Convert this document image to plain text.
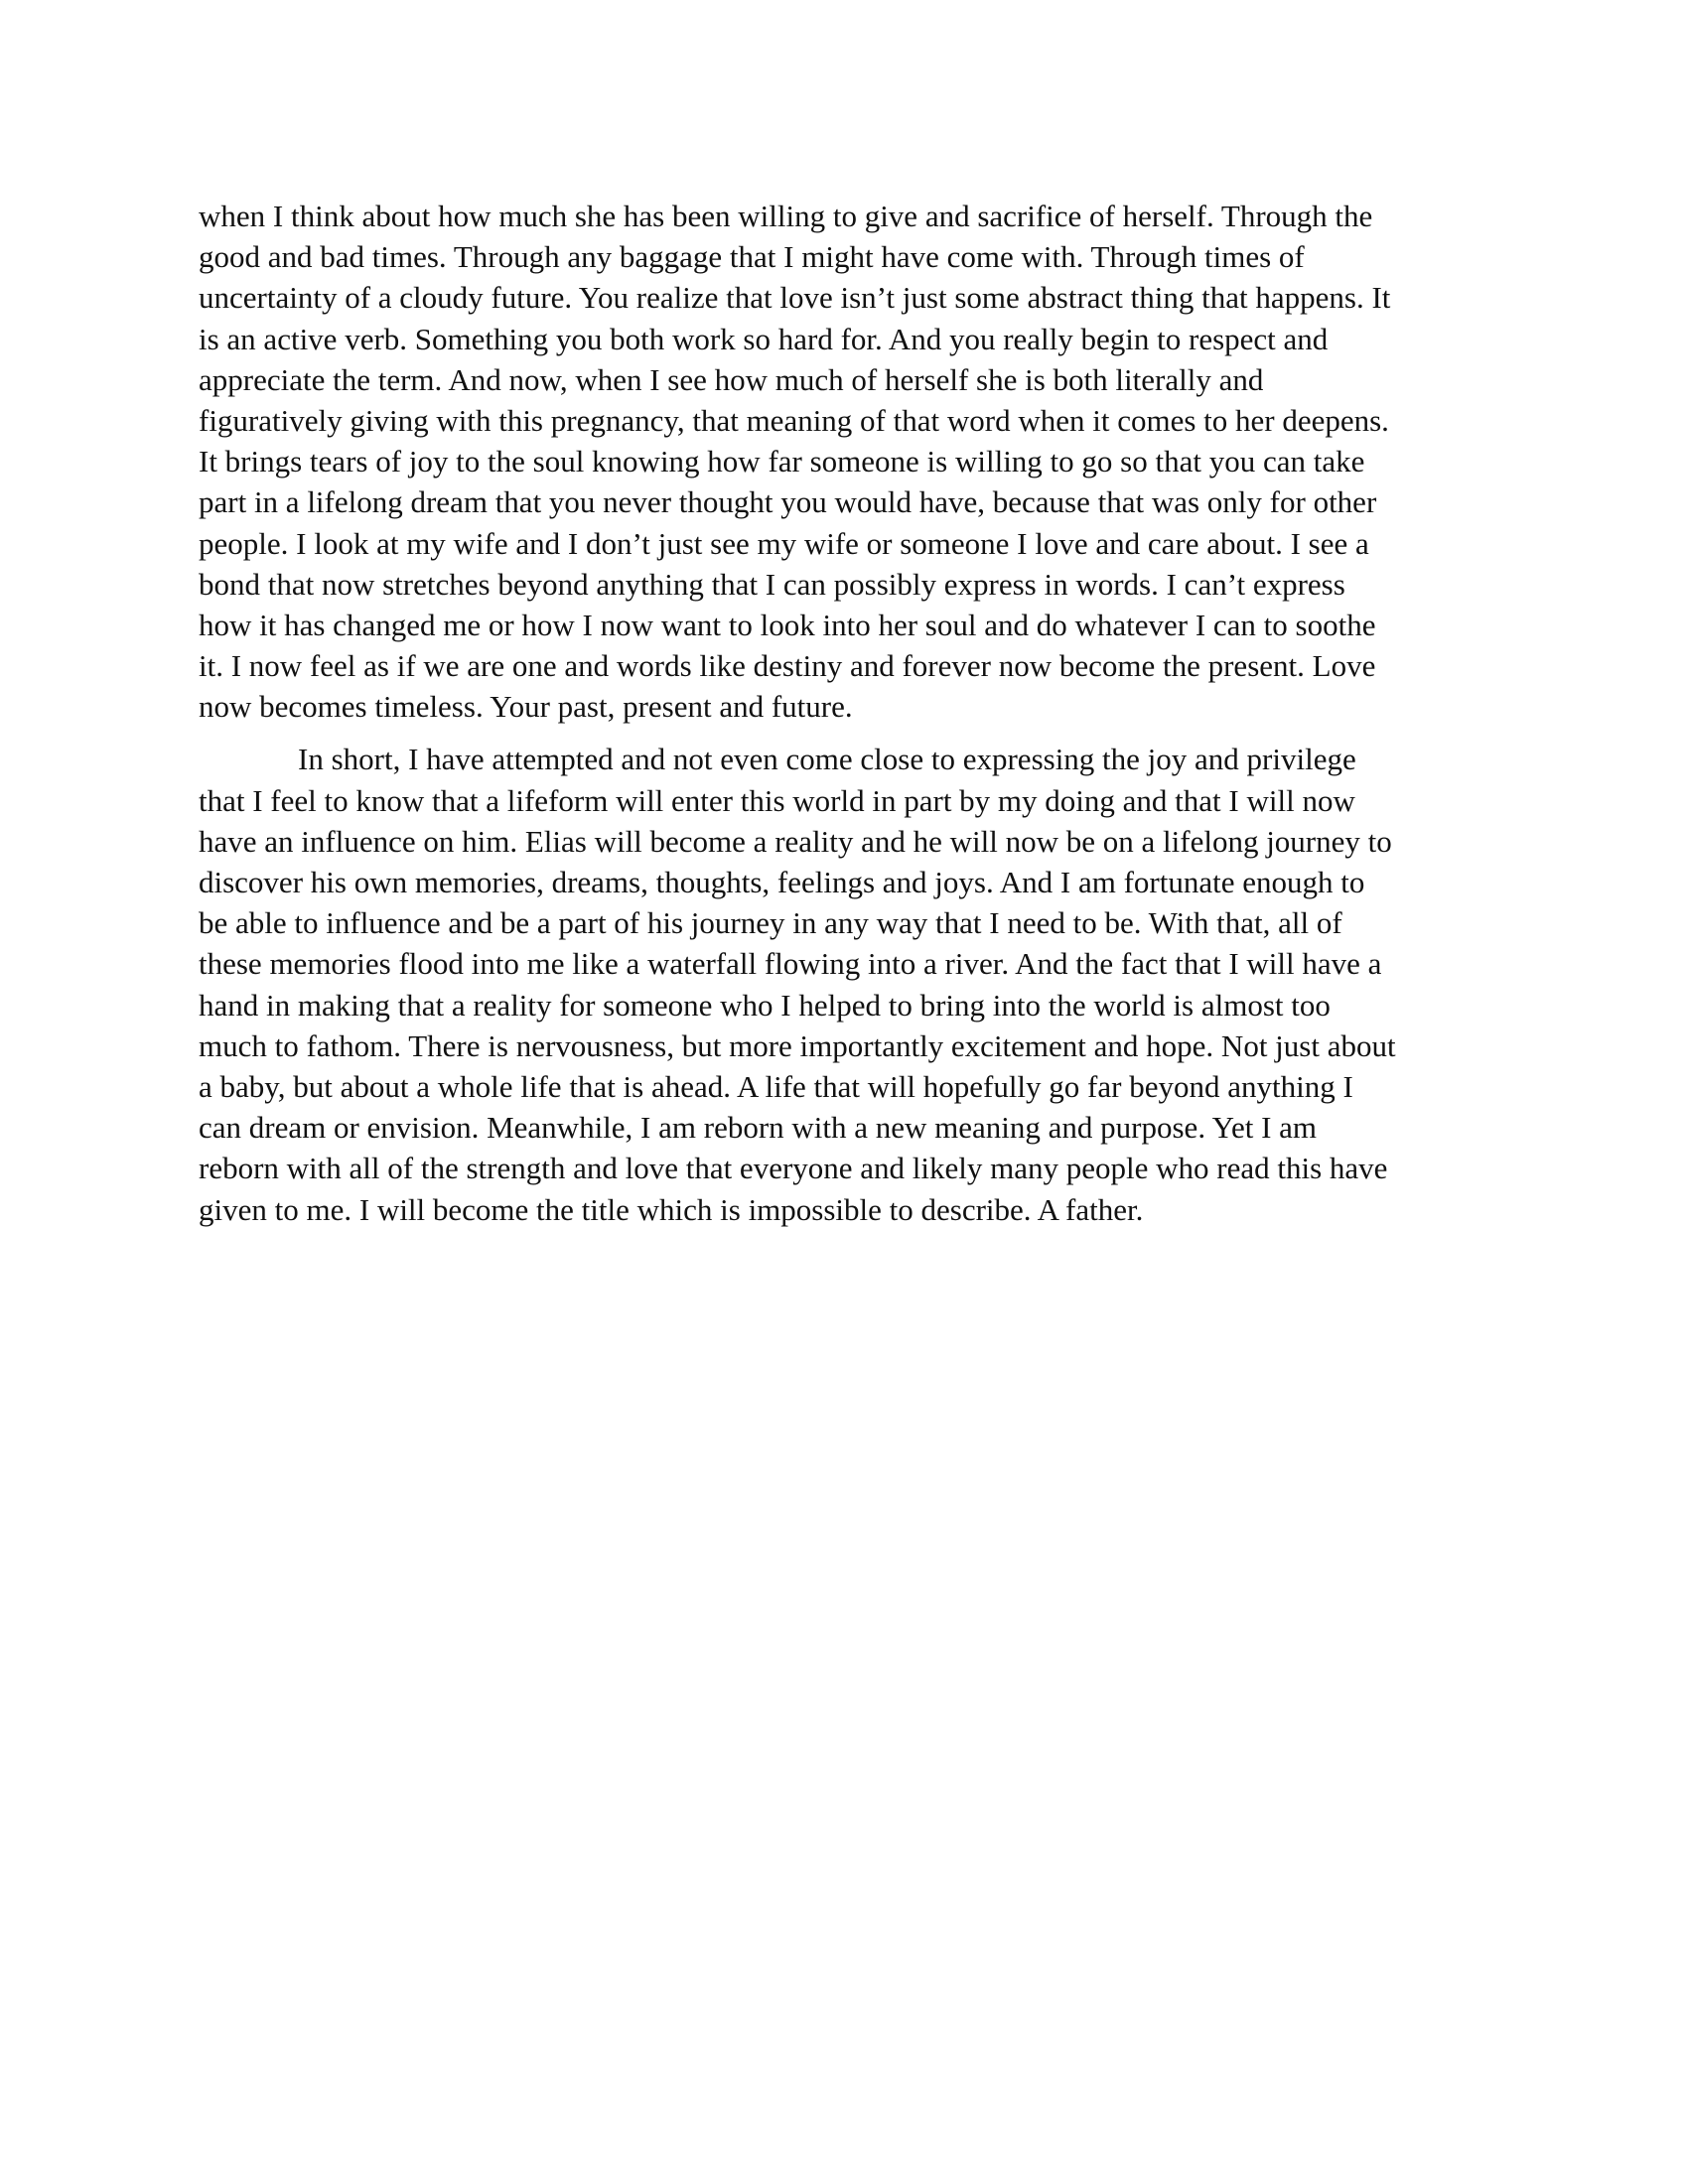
when I think about how much she has been willing to give and sacrifice of herself. Through the
good and bad times. Through any baggage that I might have come with. Through times of
uncertainty of a cloudy future. You realize that love isn’t just some abstract thing that happens. It
is an active verb. Something you both work so hard for. And you really begin to respect and
appreciate the term. And now, when I see how much of herself she is both literally and
figuratively giving with this pregnancy, that meaning of that word when it comes to her deepens.
It brings tears of joy to the soul knowing how far someone is willing to go so that you can take
part in a lifelong dream that you never thought you would have, because that was only for other
people. I look at my wife and I don’t just see my wife or someone I love and care about. I see a
bond that now stretches beyond anything that I can possibly express in words. I can’t express
how it has changed me or how I now want to look into her soul and do whatever I can to soothe
it. I now feel as if we are one and words like destiny and forever now become the present. Love
now becomes timeless. Your past, present and future.

In short, I have attempted and not even come close to expressing the joy and privilege
that I feel to know that a lifeform will enter this world in part by my doing and that I will now
have an influence on him. Elias will become a reality and he will now be on a lifelong journey to
discover his own memories, dreams, thoughts, feelings and joys. And I am fortunate enough to
be able to influence and be a part of his journey in any way that I need to be. With that, all of
these memories flood into me like a waterfall flowing into a river. And the fact that I will have a
hand in making that a reality for someone who I helped to bring into the world is almost too
much to fathom. There is nervousness, but more importantly excitement and hope. Not just about
a baby, but about a whole life that is ahead. A life that will hopefully go far beyond anything I
can dream or envision. Meanwhile, I am reborn with a new meaning and purpose. Yet I am
reborn with all of the strength and love that everyone and likely many people who read this have
given to me. I will become the title which is impossible to describe. A father.
